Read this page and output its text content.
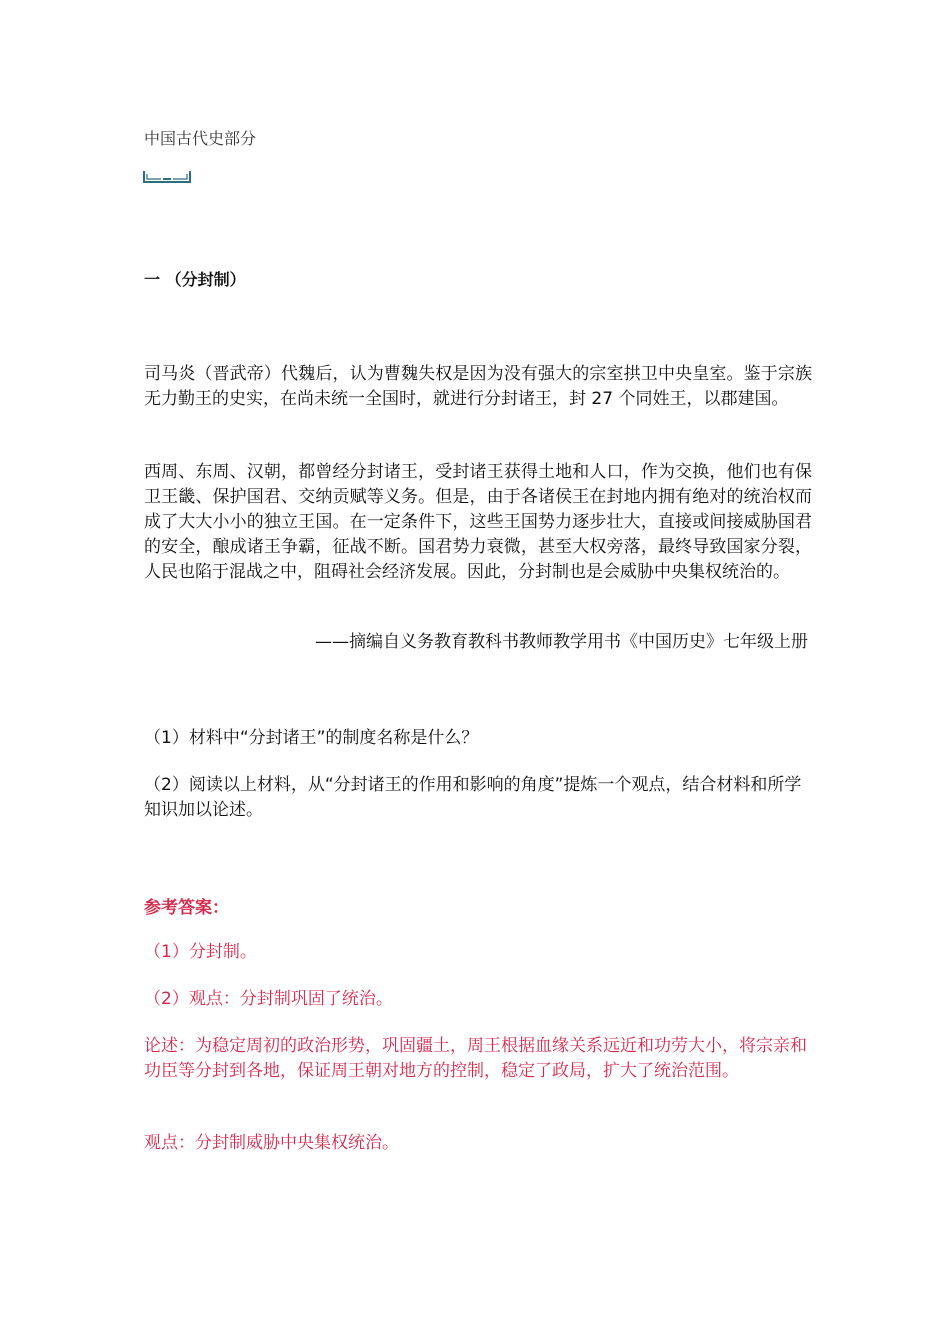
中国古代史部分
一 （分封制）
司马炎（晋武帝）代魏后，认为曹魏失权是因为没有强大的宗室拱卫中央皇室。鉴于宗族无力勤王的史实，在尚未统一全国时，就进行分封诸王，封 27 个同姓王，以郡建国。
西周、东周、汉朝，都曾经分封诸王，受封诸王获得土地和人口，作为交换，他们也有保卫王畿、保护国君、交纳贡赋等义务。但是，由于各诸侯王在封地内拥有绝对的统治权而成了大大小小的独立王国。在一定条件下，这些王国势力逐步壮大，直接或间接威胁国君的安全，酿成诸王争霸，征战不断。国君势力衰微，甚至大权旁落，最终导致国家分裂，人民也陷于混战之中，阻碍社会经济发展。因此，分封制也是会威胁中央集权统治的。
——摘编自义务教育教科书教师教学用书《中国历史》七年级上册
（1）材料中“分封诸王”的制度名称是什么？
（2）阅读以上材料，从“分封诸王的作用和影响的角度”提炼一个观点，结合材料和所学知识加以论述。
参考答案：
（1）分封制。
（2）观点：分封制巩固了统治。
论述：为稳定周初的政治形势，巩固疆土，周王根据血缘关系远近和功劳大小，将宗亲和功臣等分封到各地，保证周王朝对地方的控制，稳定了政局，扩大了统治范围。
观点：分封制威胁中央集权统治。
